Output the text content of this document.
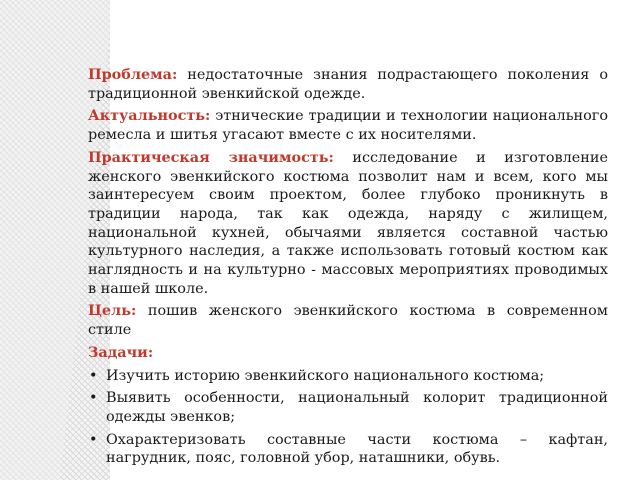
Проблема: недостаточные знания подрастающего поколения о традиционной эвенкийской одежде.

Актуальность: этнические традиции и технологии национального ремесла и шитья угасают вместе с их носителями.

Практическая значимость: исследование и изготовление женского эвенкийского костюма позволит нам и всем, кого мы заинтересуем своим проектом, более глубоко проникнуть в традиции народа, так как одежда, наряду с жилищем, национальной кухней, обычаями является составной частью культурного наследия, а также использовать готовый костюм как наглядность и на культурно - массовых мероприятиях проводимых в нашей школе.

Цель: пошив женского эвенкийского костюма в современном стиле

Задачи:

• Изучить историю эвенкийского национального костюма;
• Выявить особенности, национальный колорит традиционной одежды эвенков;
• Охарактеризовать составные части костюма – кафтан, нагрудник, пояс, головной убор, наташники, обувь.
